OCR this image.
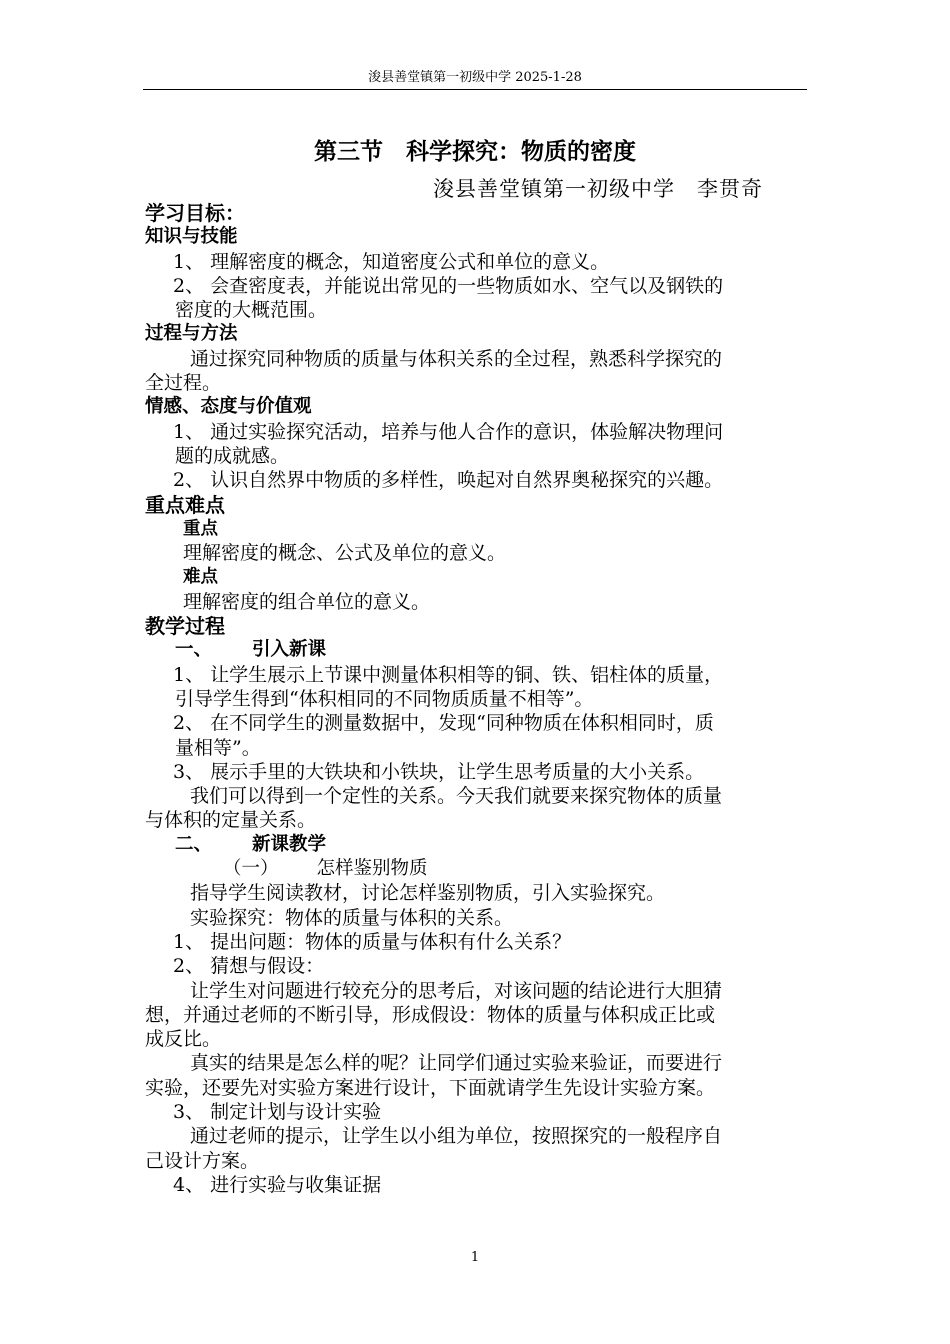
浚县善堂镇第一初级中学 2025-1-28
第三节　科学探究：物质的密度
浚县善堂镇第一初级中学　李贯奇

学习目标：

知识与技能

1、 理解密度的概念，知道密度公式和单位的意义。

2、 会查密度表，并能说出常见的一些物质如水、空气以及钢铁的

密度的大概范围。

过程与方法

通过探究同种物质的质量与体积关系的全过程，熟悉科学探究的

全过程。

情感、态度与价值观

1、 通过实验探究活动，培养与他人合作的意识，体验解决物理问

题的成就感。

2、 认识自然界中物质的多样性，唤起对自然界奥秘探究的兴趣。

重点难点

重点

理解密度的概念、公式及单位的意义。

难点

理解密度的组合单位的意义。

教学过程

一、 引入新课

1、 让学生展示上节课中测量体积相等的铜、铁、铝柱体的质量，

引导学生得到“体积相同的不同物质质量不相等”。

2、 在不同学生的测量数据中，发现“同种物质在体积相同时，质

量相等”。

3、 展示手里的大铁块和小铁块，让学生思考质量的大小关系。

我们可以得到一个定性的关系。今天我们就要来探究物体的质量

与体积的定量关系。

二、 新课教学

（一） 怎样鉴别物质

指导学生阅读教材，讨论怎样鉴别物质，引入实验探究。

实验探究：物体的质量与体积的关系。

1、 提出问题：物体的质量与体积有什么关系？

2、 猜想与假设：

让学生对问题进行较充分的思考后，对该问题的结论进行大胆猜

想，并通过老师的不断引导，形成假设：物体的质量与体积成正比或

成反比。

真实的结果是怎么样的呢？让同学们通过实验来验证，而要进行

实验，还要先对实验方案进行设计，下面就请学生先设计实验方案。

3、 制定计划与设计实验

通过老师的提示，让学生以小组为单位，按照探究的一般程序自

己设计方案。

4、 进行实验与收集证据

1
